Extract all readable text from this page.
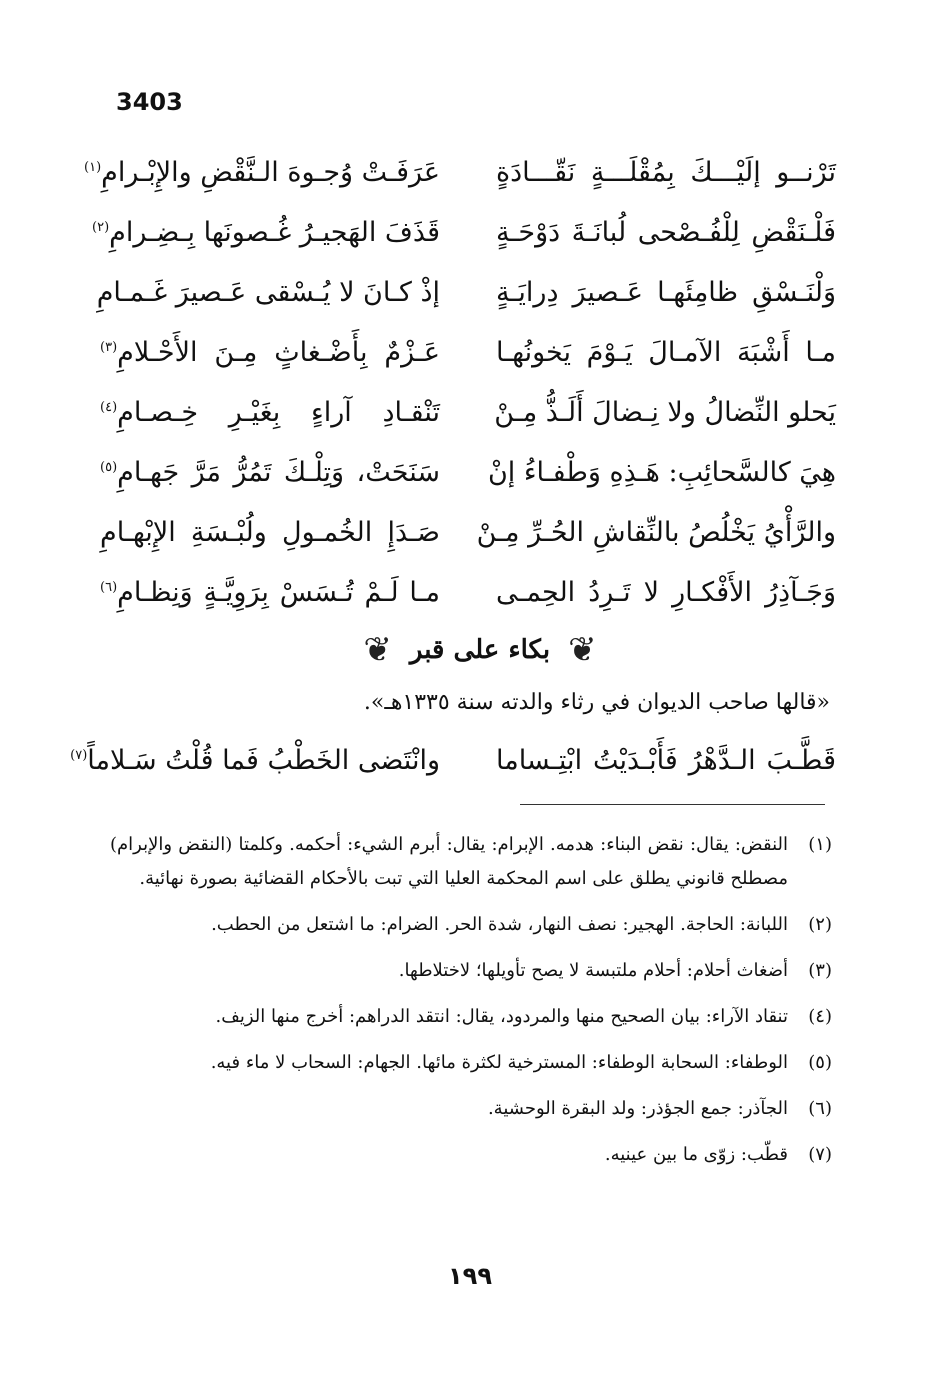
3403
تَرْنــو إلَيْـــكَ بِمُقْلَـــةٍ نَقّـــادَةٍ
عَرَفَـتْ وُجـوهَ الـنَّقْضِ والإِبْـرامِ$^{(١)}$
فَلْـنَقْضِ لِلْفُـصْحى لُبانَـةَ دَوْحَـةٍ
قَذَفَ الهَجيـرُ غُـصونَها بِـضِـرامِ$^{(٢)}$
وَلْنَـسْقِ ظامِئَهـا عَـصيرَ دِرايَـةٍ
إذْ كـانَ لا يُـسْقى عَـصيرَ غَـمـامِ
مـا أَشْبَهَ الآمـالَ يَـوْمَ يَخونُهـا
عَـزْمٌ بِأَضْـغاثٍ مِـنَ الأَحْـلامِ$^{(٣)}$
يَحلو النِّضالُ ولا نِـضالَ أَلَـذُّ مِـنْ
تَنْقـادِ آراءٍ بِغَيْـرِ خِـصـامِ$^{(٤)}$
هِيَ كالسَّحائِبِ: هَـذِهِ وَطْفـاءُ إنْ
سَنَحَتْ، وَتِلْـكَ تَمُرُّ مَرَّ جَهـامِ$^{(٥)}$
والرَّأْيُ يَخْلُصُ بالنِّقاشِ الحُـرِّ مِـنْ
صَـدَإِ الخُمـولِ ولُبْـسَةِ الإِبْهـامِ
وَجَـآذِرُ الأَفْكـارِ لا تَـرِدُ الحِمـى
مـا لَـمْ تُـسَسْ بِرَوِيَّـةٍ وَنِظـامِ$^{(٦)}$
❦ بكاء على قبر ❦
«قالها صاحب الديوان في رثاء والدته سنة ١٣٣٥هـ».
قَطَّـبَ الـدَّهْرُ فَأَبْـدَيْتُ ابْتِـساما
وانْتَضى الخَطْبُ فَما قُلْتُ سَـلاماً$^{(٧)}$
(١)
النقض: يقال: نقض البناء: هدمه. الإبرام: يقال: أبرم الشيء: أحكمه. وكلمتا (النقض والإبرام) مصطلح قانوني يطلق على اسم المحكمة العليا التي تبت بالأحكام القضائية بصورة نهائية.
(٢)
اللبانة: الحاجة. الهجير: نصف النهار، شدة الحر. الضرام: ما اشتعل من الحطب.
(٣)
أضغاث أحلام: أحلام ملتبسة لا يصح تأويلها؛ لاختلاطها.
(٤)
تنقاد الآراء: بيان الصحيح منها والمردود، يقال: انتقد الدراهم: أخرج منها الزيف.
(٥)
الوطفاء: السحابة الوطفاء: المسترخية لكثرة مائها. الجهام: السحاب لا ماء فيه.
(٦)
الجآذر: جمع الجؤذر: ولد البقرة الوحشية.
(٧)
قطّب: زوّى ما بين عينيه.
١٩٩
